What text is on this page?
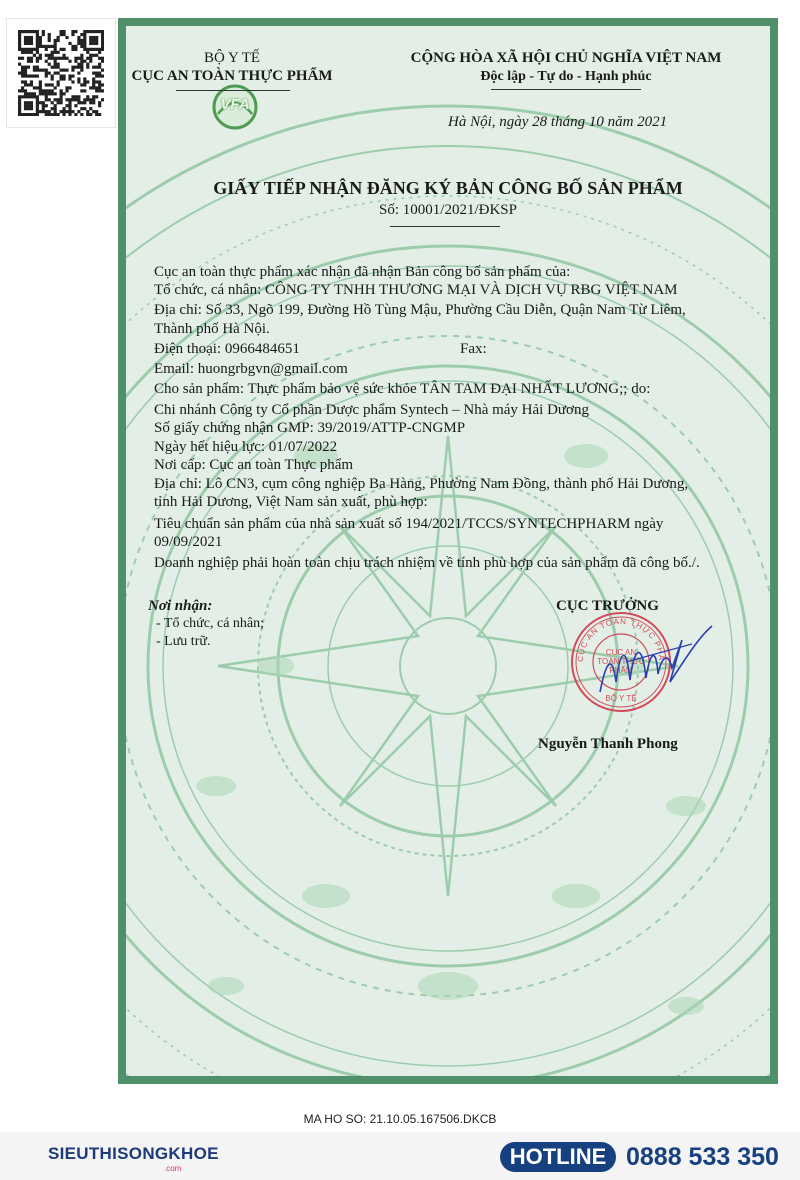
BỘ Y TẾ
CỤC AN TOÀN THỰC PHẨM
VFA
CỘNG HÒA XÃ HỘI CHỦ NGHĨA VIỆT NAM
Độc lập - Tự do - Hạnh phúc
Hà Nội, ngày 28 tháng 10 năm 2021
GIẤY TIẾP NHẬN ĐĂNG KÝ BẢN CÔNG BỐ SẢN PHẨM
Số: 10001/2021/ĐKSP
Cục an toàn thực phẩm xác nhận đã nhận Bản công bố sản phẩm của:
Tổ chức, cá nhân: CÔNG TY TNHH THƯƠNG MẠI VÀ DỊCH VỤ RBG VIỆT NAM
Địa chỉ: Số 33, Ngõ 199, Đường Hồ Tùng Mậu, Phường Cầu Diễn, Quận Nam Từ Liêm,
Thành phố Hà Nội.
Điện thoại: 0966484651	Fax:
Email: huongrbgvn@gmail.com
Cho sản phẩm: Thực phẩm bảo vệ sức khỏe TÂN TAM ĐẠI NHẤT LƯƠNG;; do:
Chi nhánh Công ty Cổ phần Dược phẩm Syntech – Nhà máy Hải Dương
Số giấy chứng nhận GMP: 39/2019/ATTP-CNGMP
Ngày hết hiệu lực: 01/07/2022
Nơi cấp: Cục an toàn Thực phẩm
Địa chỉ: Lô CN3, cụm công nghiệp Ba Hàng, Phường Nam Đồng, thành phố Hải Dương,
tỉnh Hải Dương, Việt Nam sản xuất, phù hợp:
Tiêu chuẩn sản phẩm của nhà sản xuất số 194/2021/TCCS/SYNTECHPHARM ngày
09/09/2021
Doanh nghiệp phải hoàn toàn chịu trách nhiệm về tính phù hợp của sản phẩm đã công bố./.
Nơi nhận:
- Tổ chức, cá nhân;
- Lưu trữ.
CỤC TRƯỞNG
CỤC AN TOÀN THỰC PHẨ
CỤC AN TOÀN THỰC PHẨM
BỘ Y TẾ
Nguyễn Thanh Phong
MA HO SO: 21.10.05.167506.DKCB
SIEUTHISONGKHOE
.com	HOTLINE 0888 533 350
